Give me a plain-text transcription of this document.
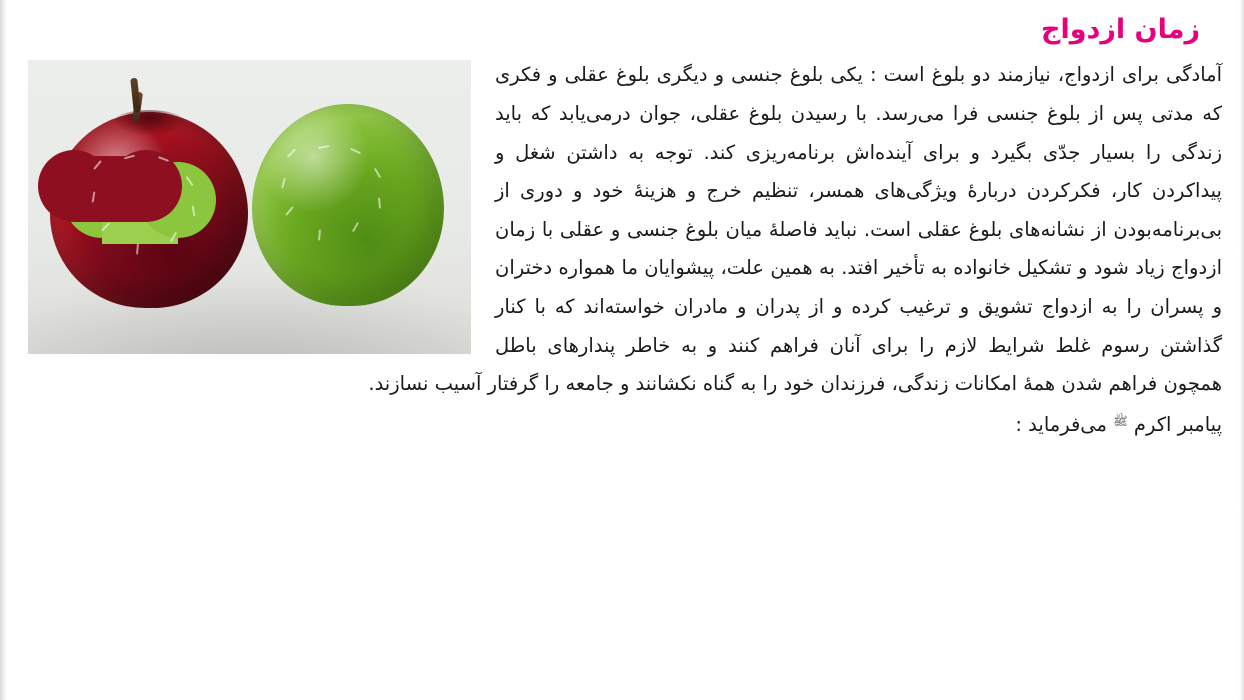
زمان ازدواج
آمادگی برای ازدواج، نیازمند دو بلوغ است : یکی بلوغ جنسی و دیگری بلوغ عقلی و فکری که مدتی پس از بلوغ جنسی فرا می‌رسد. با رسیدن بلوغ عقلی، جوان درمی‌یابد که باید زندگی را بسیار جدّی بگیرد و برای آینده‌اش برنامه‌ریزی کند. توجه به داشتن شغل و پیداکردن کار، فکرکردن دربارۀ ویژگی‌های همسر، تنظیم خرج و هزینۀ خود و دوری از بی‌برنامه‌بودن از نشانه‌های بلوغ عقلی است. نباید فاصلۀ میان بلوغ جنسی و عقلی با زمان ازدواج زیاد شود و تشکیل خانواده به تأخیر افتد. به همین علت، پیشوایان ما همواره دختران و پسران را به ازدواج تشویق و ترغیب کرده و از پدران و مادران خواسته‌اند که با کنار گذاشتن رسوم غلط شرایط لازم را برای آنان فراهم کنند و به خاطر پندارهای باطل همچون فراهم شدن همۀ امکانات زندگی، فرزندان خود را به گناه نکشانند و جامعه را گرفتار آسیب نسازند.
پیامبر اکرم $^ﷺ$ می‌فرماید :
